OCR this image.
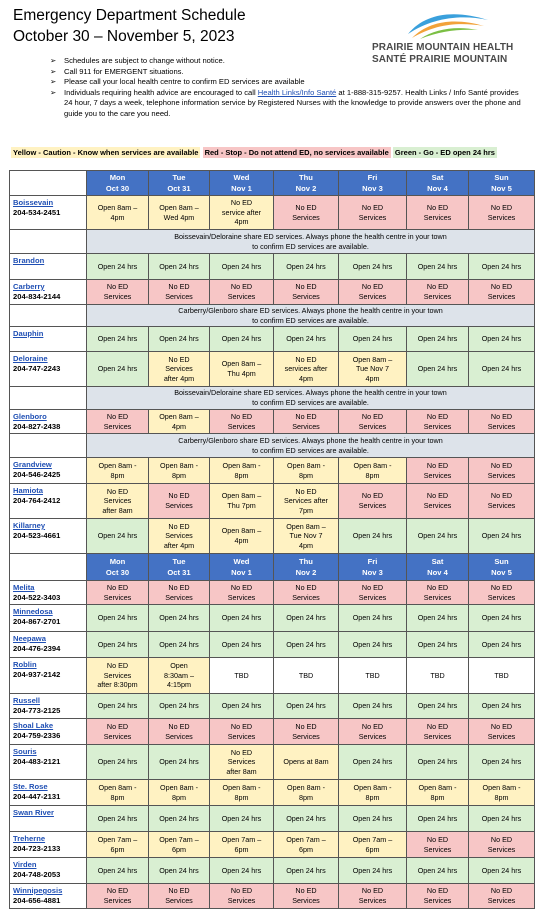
Emergency Department Schedule
October 30 – November 5, 2023
PRAIRIE MOUNTAIN HEALTH
SANTÉ PRAIRIE MOUNTAIN
➢ Schedules are subject to change without notice.
➢ Call 911 for EMERGENT situations.
➢ Please call your local health centre to confirm ED services are available
➢ Individuals requiring health advice are encouraged to call Health Links/Info Santé at 1-888-315-9257. Health Links / Info Santé provides 24 hour, 7 days a week, telephone information service by Registered Nurses with the knowledge to provide answers over the phone and guide you to the care you need.
Yellow - Caution - Know when services are available Red - Stop - Do not attend ED, no services available Green - Go - ED open 24 hrs
	Mon
Oct 30	Tue
Oct 31	Wed
Nov 1	Thu
Nov 2	Fri
Nov 3	Sat
Nov 4	Sun
Nov 5

Boissevain
204-534-2451	Open 8am –
4pm	Open 8am –
Wed 4pm	No ED
service after
4pm	No ED
Services	No ED
Services	No ED
Services	No ED
Services
	Boissevain/Deloraine share ED services. Always phone the health centre in your town
to confirm ED services are available.						

Brandon	Open 24 hrs	Open 24 hrs	Open 24 hrs	Open 24 hrs	Open 24 hrs	Open 24 hrs	Open 24 hrs

Carberry
204-834-2144	No ED
Services	No ED
Services	No ED
Services	No ED
Services	No ED
Services	No ED
Services	No ED
Services
	Carberry/Glenboro share ED services. Always phone the health centre in your town
to confirm ED services are available.						

Dauphin	Open 24 hrs	Open 24 hrs	Open 24 hrs	Open 24 hrs	Open 24 hrs	Open 24 hrs	Open 24 hrs

Deloraine
204-747-2243	Open 24 hrs	No ED
Services
after 4pm	Open 8am –
Thu 4pm	No ED
services after
4pm	Open 8am –
Tue Nov 7
4pm	Open 24 hrs	Open 24 hrs
	Boissevain/Deloraine share ED services. Always phone the health centre in your town
to confirm ED services are available.						

Glenboro
204-827-2438	No ED
Services	Open 8am –
4pm	No ED
Services	No ED
Services	No ED
Services	No ED
Services	No ED
Services
	Carberry/Glenboro share ED services. Always phone the health centre in your town
to confirm ED services are available.						

Grandview
204-546-2425	Open 8am -
8pm	Open 8am -
8pm	Open 8am -
8pm	Open 8am -
8pm	Open 8am -
8pm	No ED
Services	No ED
Services

Hamiota
204-764-2412	No ED
Services
after 8am	No ED
Services	Open 8am –
Thu 7pm	No ED
Services after
7pm	No ED
Services	No ED
Services	No ED
Services

Killarney
204-523-4661	Open 24 hrs	No ED
Services
after 4pm	Open 8am –
4pm	Open 8am –
Tue Nov 7
4pm	Open 24 hrs	Open 24 hrs	Open 24 hrs
	Mon
Oct 30	Tue
Oct 31	Wed
Nov 1	Thu
Nov 2	Fri
Nov 3	Sat
Nov 4	Sun
Nov 5

Melita
204-522-3403	No ED
Services	No ED
Services	No ED
Services	No ED
Services	No ED
Services	No ED
Services	No ED
Services

Minnedosa
204-867-2701	Open 24 hrs	Open 24 hrs	Open 24 hrs	Open 24 hrs	Open 24 hrs	Open 24 hrs	Open 24 hrs

Neepawa
204-476-2394	Open 24 hrs	Open 24 hrs	Open 24 hrs	Open 24 hrs	Open 24 hrs	Open 24 hrs	Open 24 hrs

Roblin
204-937-2142	No ED
Services
after 8:30pm	Open
8:30am –
4:15pm	TBD	TBD	TBD	TBD	TBD

Russell
204-773-2125	Open 24 hrs	Open 24 hrs	Open 24 hrs	Open 24 hrs	Open 24 hrs	Open 24 hrs	Open 24 hrs

Shoal Lake
204-759-2336	No ED
Services	No ED
Services	No ED
Services	No ED
Services	No ED
Services	No ED
Services	No ED
Services

Souris
204-483-2121	Open 24 hrs	Open 24 hrs	No ED
Services
after 8am	Opens at 8am	Open 24 hrs	Open 24 hrs	Open 24 hrs

Ste. Rose
204-447-2131	Open 8am -
8pm	Open 8am -
8pm	Open 8am -
8pm	Open 8am -
8pm	Open 8am -
8pm	Open 8am -
8pm	Open 8am -
8pm

Swan River	Open 24 hrs	Open 24 hrs	Open 24 hrs	Open 24 hrs	Open 24 hrs	Open 24 hrs	Open 24 hrs

Treherne
204-723-2133	Open 7am –
6pm	Open 7am –
6pm	Open 7am –
6pm	Open 7am –
6pm	Open 7am –
6pm	No ED
Services	No ED
Services

Virden
204-748-2053	Open 24 hrs	Open 24 hrs	Open 24 hrs	Open 24 hrs	Open 24 hrs	Open 24 hrs	Open 24 hrs

Winnipegosis
204-656-4881	No ED
Services	No ED
Services	No ED
Services	No ED
Services	No ED
Services	No ED
Services	No ED
Services
